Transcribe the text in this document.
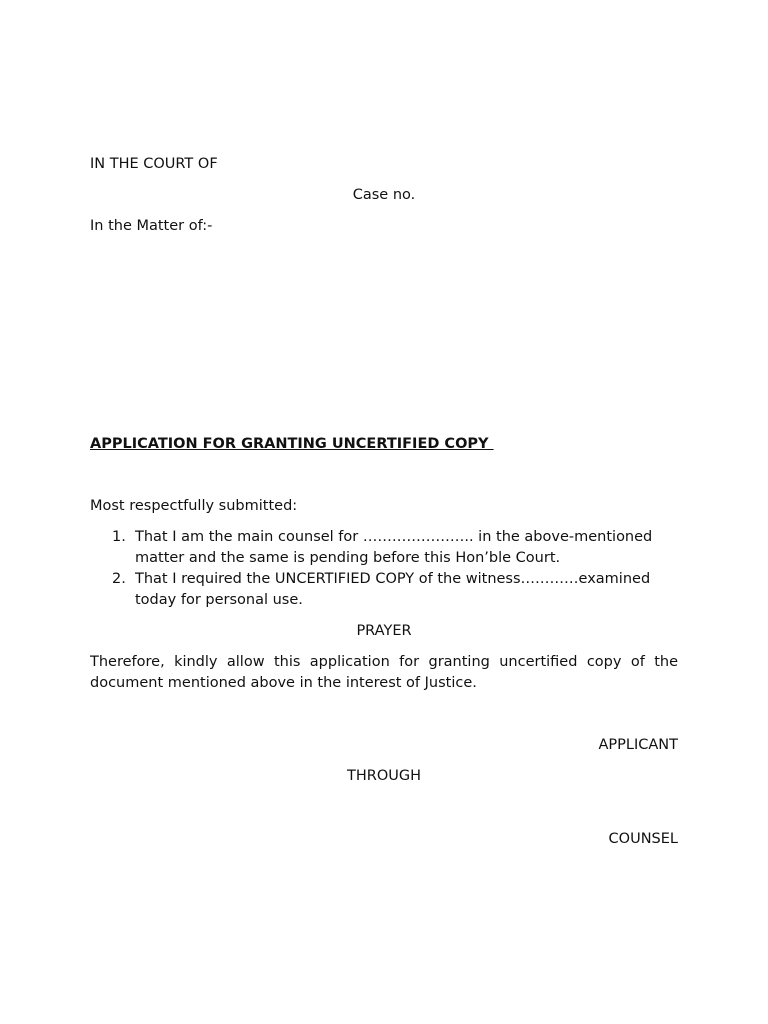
IN THE COURT OF
Case no.
In the Matter of:-
APPLICATION FOR GRANTING UNCERTIFIED COPY
Most respectfully submitted:
1. That I am the main counsel for ………………….. in the above-mentioned matter and the same is pending before this Hon’ble Court.
2. That I required the UNCERTIFIED COPY of the witness…………examined today for personal use.
PRAYER
Therefore, kindly allow this application for granting uncertified copy of the document mentioned above in the interest of Justice.
APPLICANT
THROUGH
COUNSEL
